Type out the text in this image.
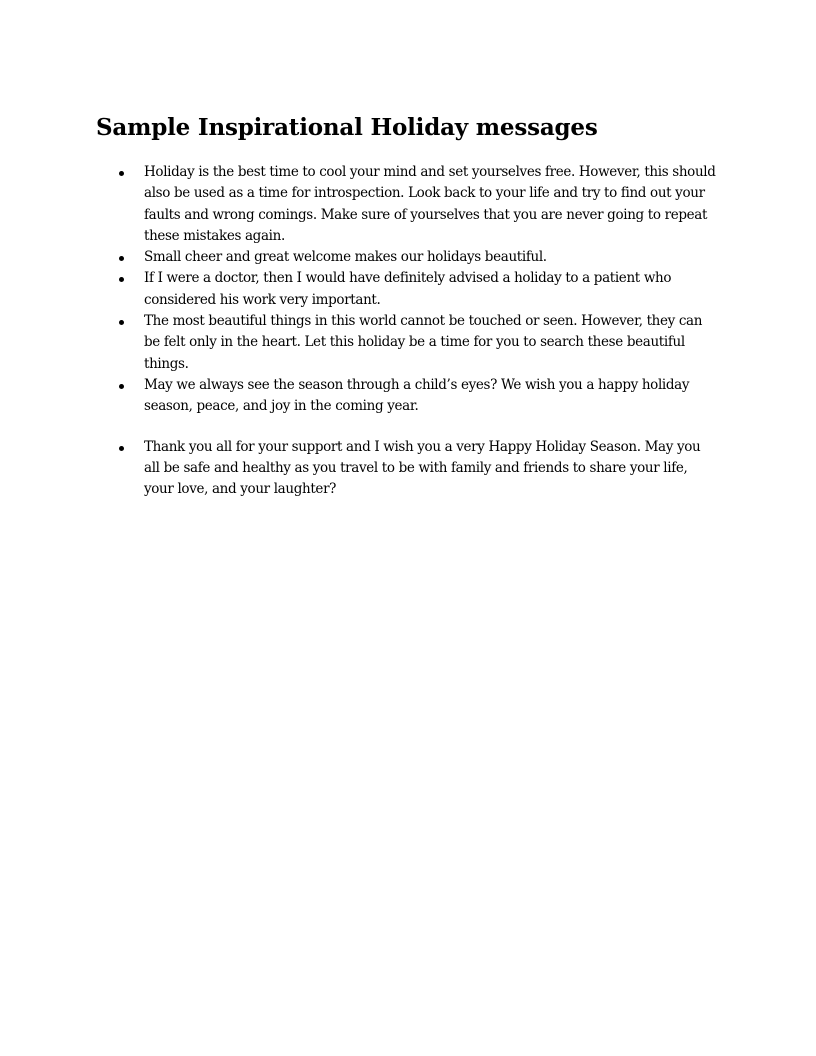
Sample Inspirational Holiday messages
Holiday is the best time to cool your mind and set yourselves free. However, this should also be used as a time for introspection. Look back to your life and try to find out your faults and wrong comings. Make sure of yourselves that you are never going to repeat these mistakes again.
Small cheer and great welcome makes our holidays beautiful.
If I were a doctor, then I would have definitely advised a holiday to a patient who considered his work very important.
The most beautiful things in this world cannot be touched or seen. However, they can be felt only in the heart. Let this holiday be a time for you to search these beautiful things.
May we always see the season through a child’s eyes? We wish you a happy holiday season, peace, and joy in the coming year.
Thank you all for your support and I wish you a very Happy Holiday Season. May you all be safe and healthy as you travel to be with family and friends to share your life, your love, and your laughter?
